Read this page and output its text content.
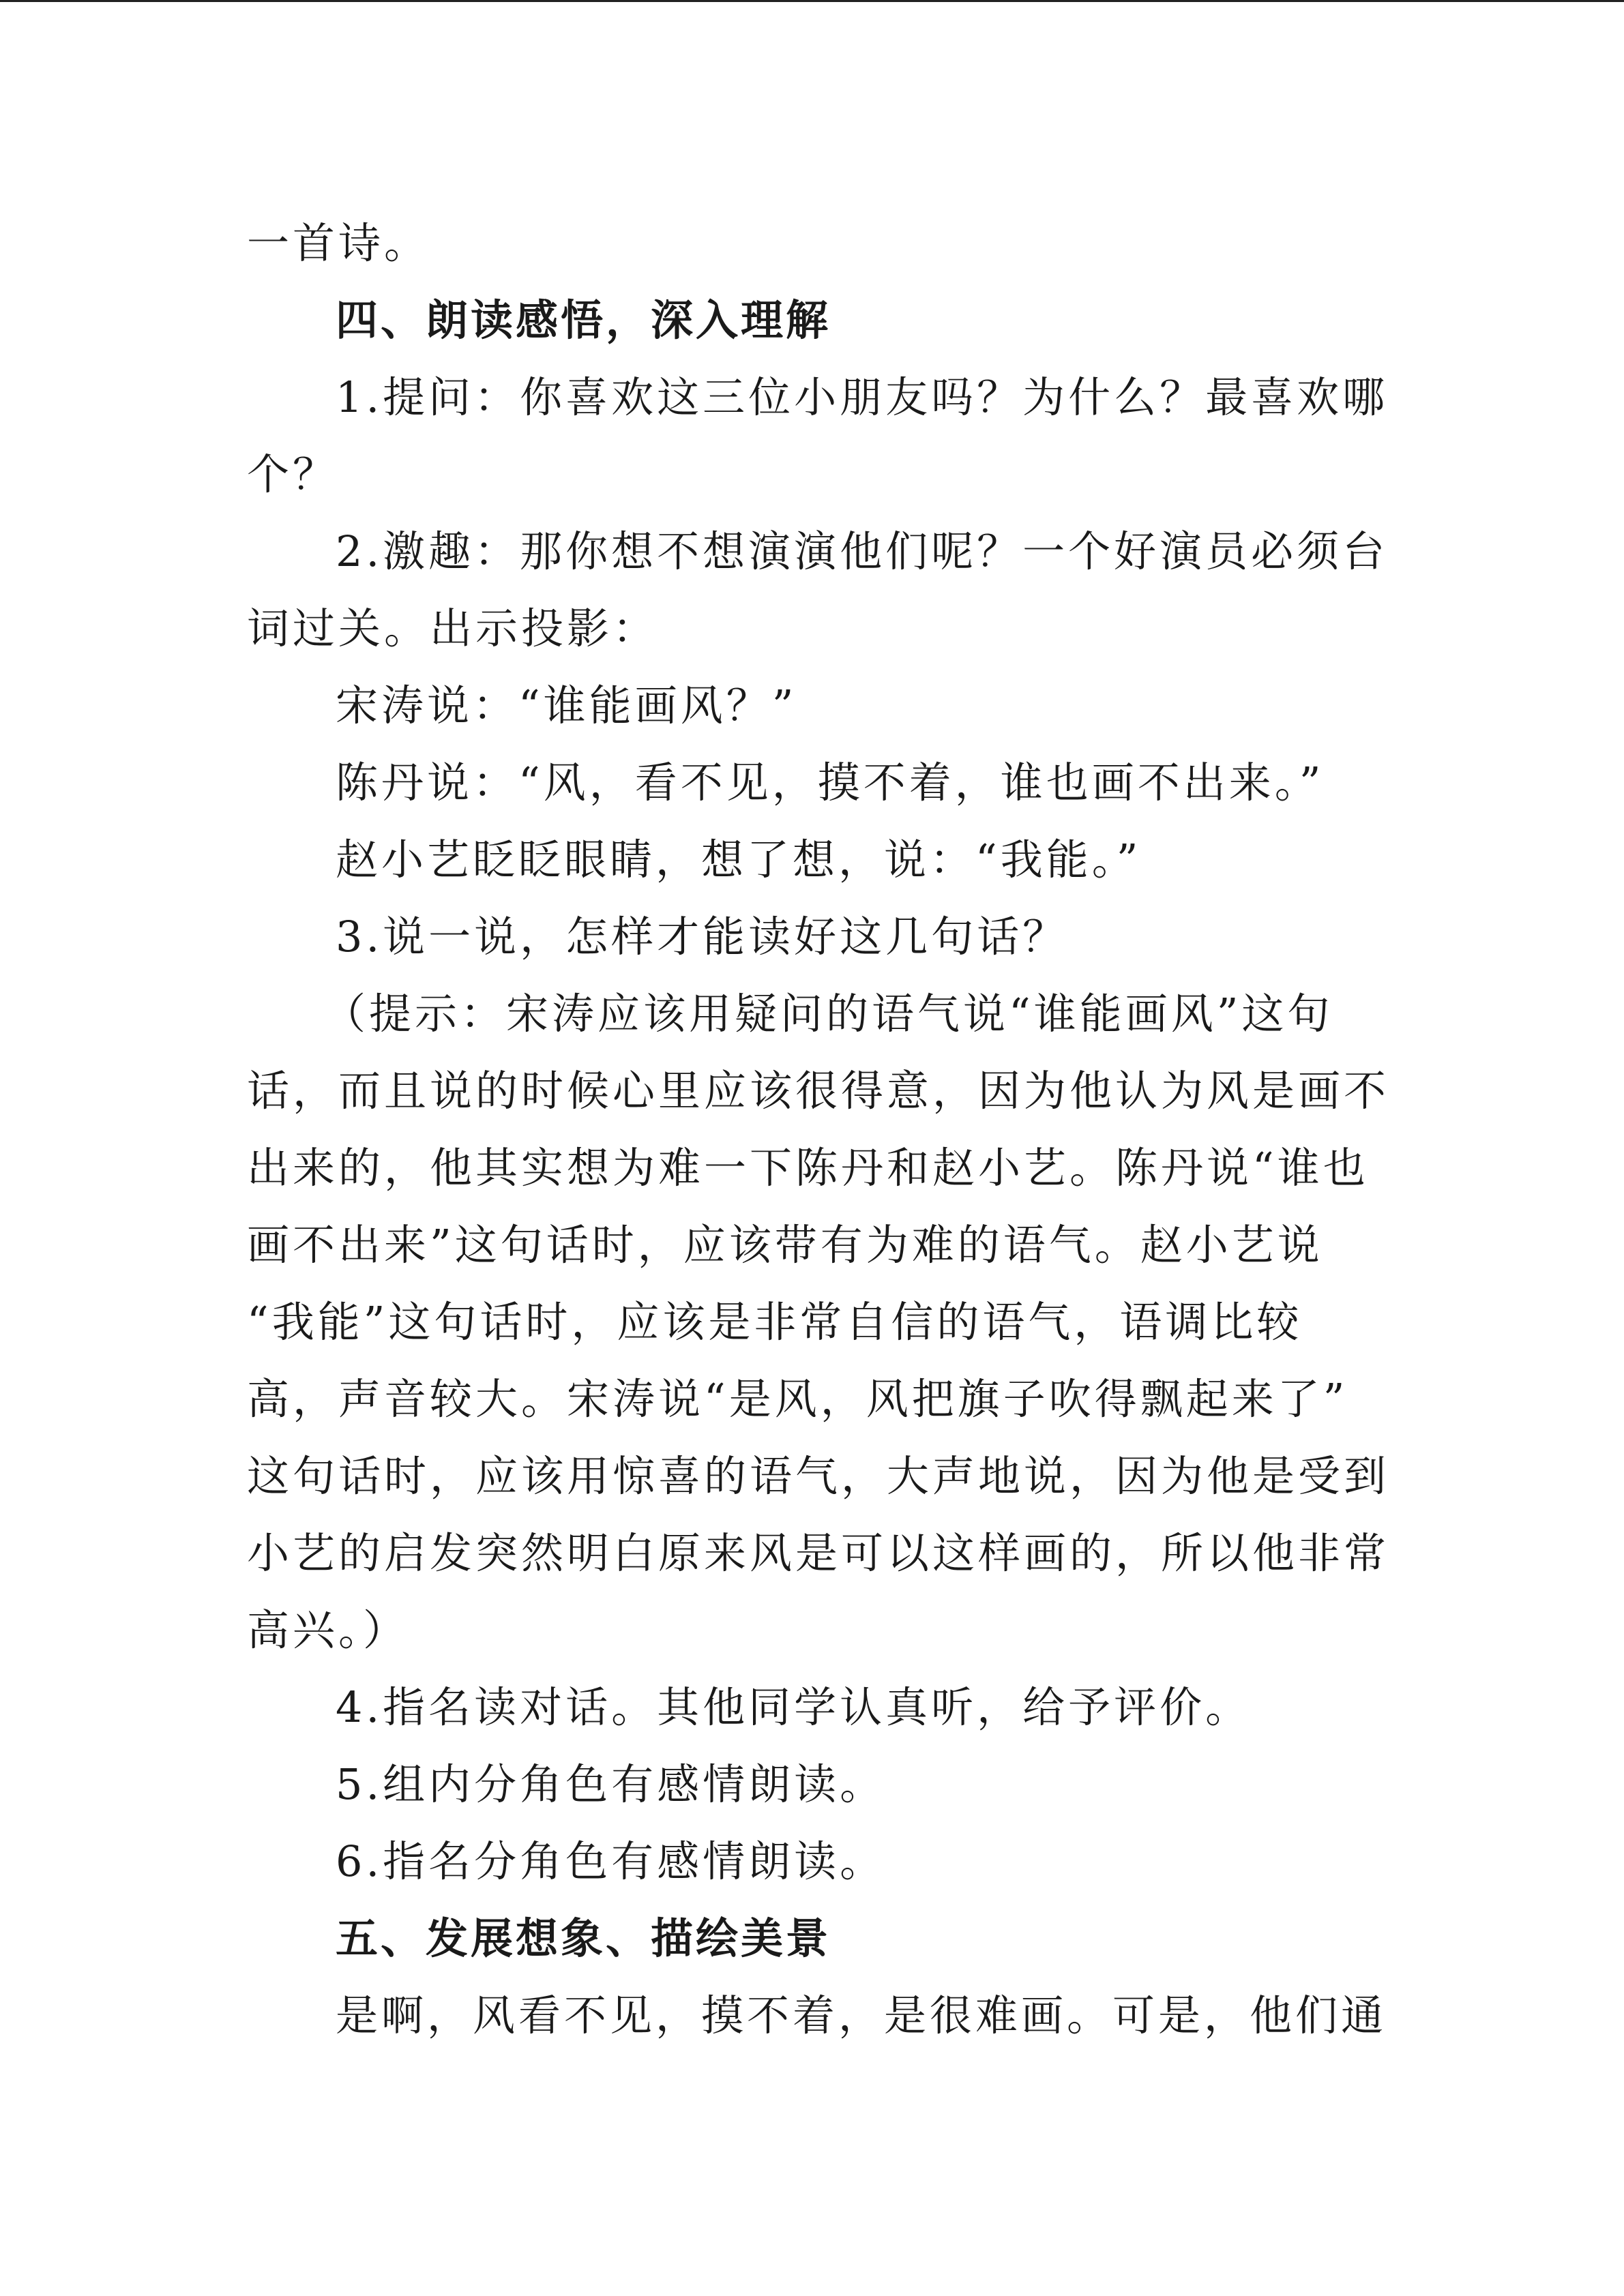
一首诗。
四、朗读感悟，深入理解
1.提问：你喜欢这三位小朋友吗？为什么？最喜欢哪
个？
2.激趣：那你想不想演演他们呢？一个好演员必须台
词过关。出示投影：
宋涛说：“谁能画风？”
陈丹说：“风，看不见，摸不着，谁也画不出来。”
赵小艺眨眨眼睛，想了想，说：“我能。”
3.说一说，怎样才能读好这几句话？
（提示：宋涛应该用疑问的语气说“谁能画风”这句
话，而且说的时候心里应该很得意，因为他认为风是画不
出来的，他其实想为难一下陈丹和赵小艺。陈丹说“谁也
画不出来”这句话时，应该带有为难的语气。赵小艺说
“我能”这句话时，应该是非常自信的语气，语调比较
高，声音较大。宋涛说“是风，风把旗子吹得飘起来了”
这句话时，应该用惊喜的语气，大声地说，因为他是受到
小艺的启发突然明白原来风是可以这样画的，所以他非常
高兴。）
4.指名读对话。其他同学认真听，给予评价。
5.组内分角色有感情朗读。
6.指名分角色有感情朗读。
五、发展想象、描绘美景
是啊，风看不见，摸不着，是很难画。可是，他们通
